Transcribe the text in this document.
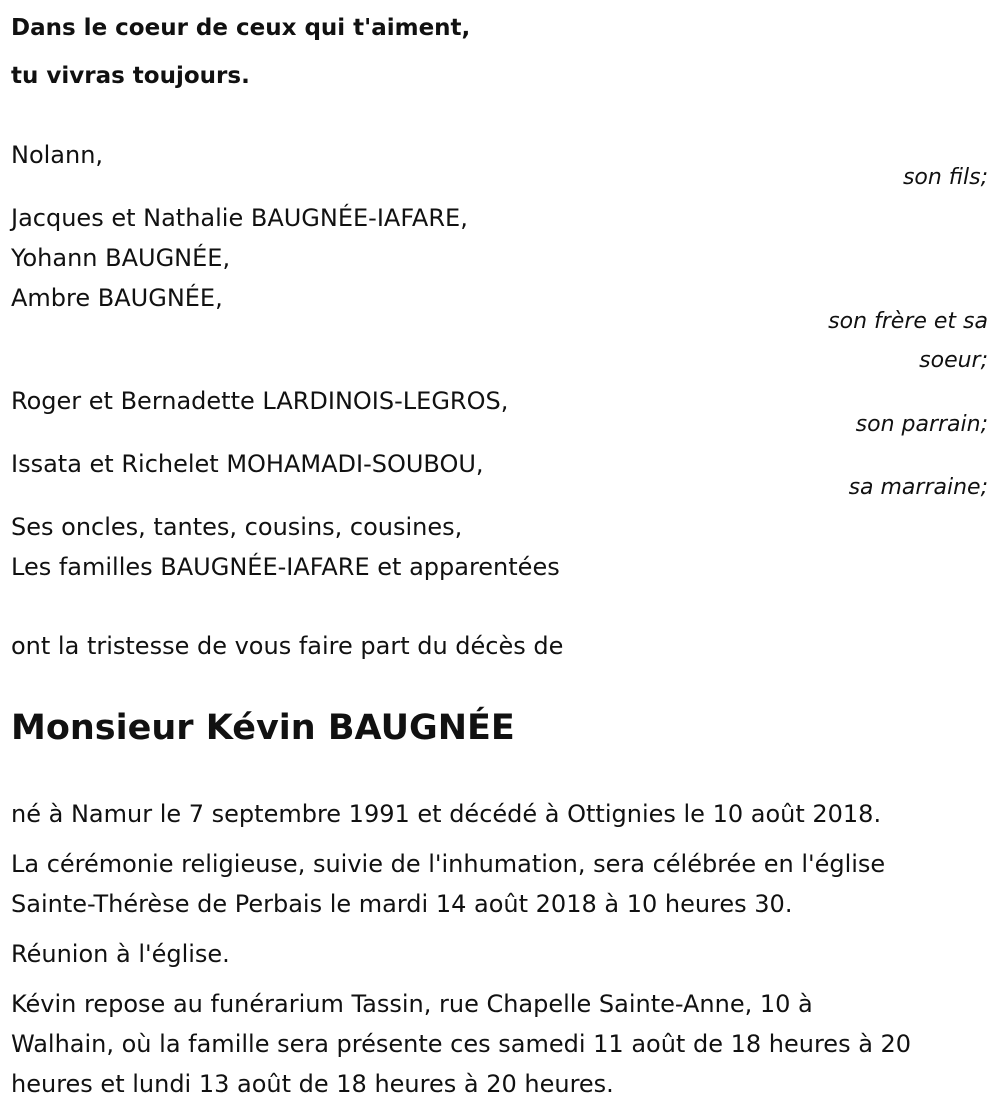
Dans le coeur de ceux qui t'aiment,
tu vivras toujours.
Nolann,
son fils;
Jacques et Nathalie BAUGNÉE-IAFARE,
Yohann BAUGNÉE,
Ambre BAUGNÉE,
son frère et sa
soeur;
Roger et Bernadette LARDINOIS-LEGROS,
son parrain;
Issata et Richelet MOHAMADI-SOUBOU,
sa marraine;
Ses oncles, tantes, cousins, cousines,
Les familles BAUGNÉE-IAFARE et apparentées
ont la tristesse de vous faire part du décès de
Monsieur Kévin BAUGNÉE
né à Namur le 7 septembre 1991 et décédé à Ottignies le 10 août 2018.
La cérémonie religieuse, suivie de l'inhumation, sera célébrée en l'église
Sainte-Thérèse de Perbais le mardi 14 août 2018 à 10 heures 30.
Réunion à l'église.
Kévin repose au funérarium Tassin, rue Chapelle Sainte-Anne, 10 à
Walhain, où la famille sera présente ces samedi 11 août de 18 heures à 20
heures et lundi 13 août de 18 heures à 20 heures.
